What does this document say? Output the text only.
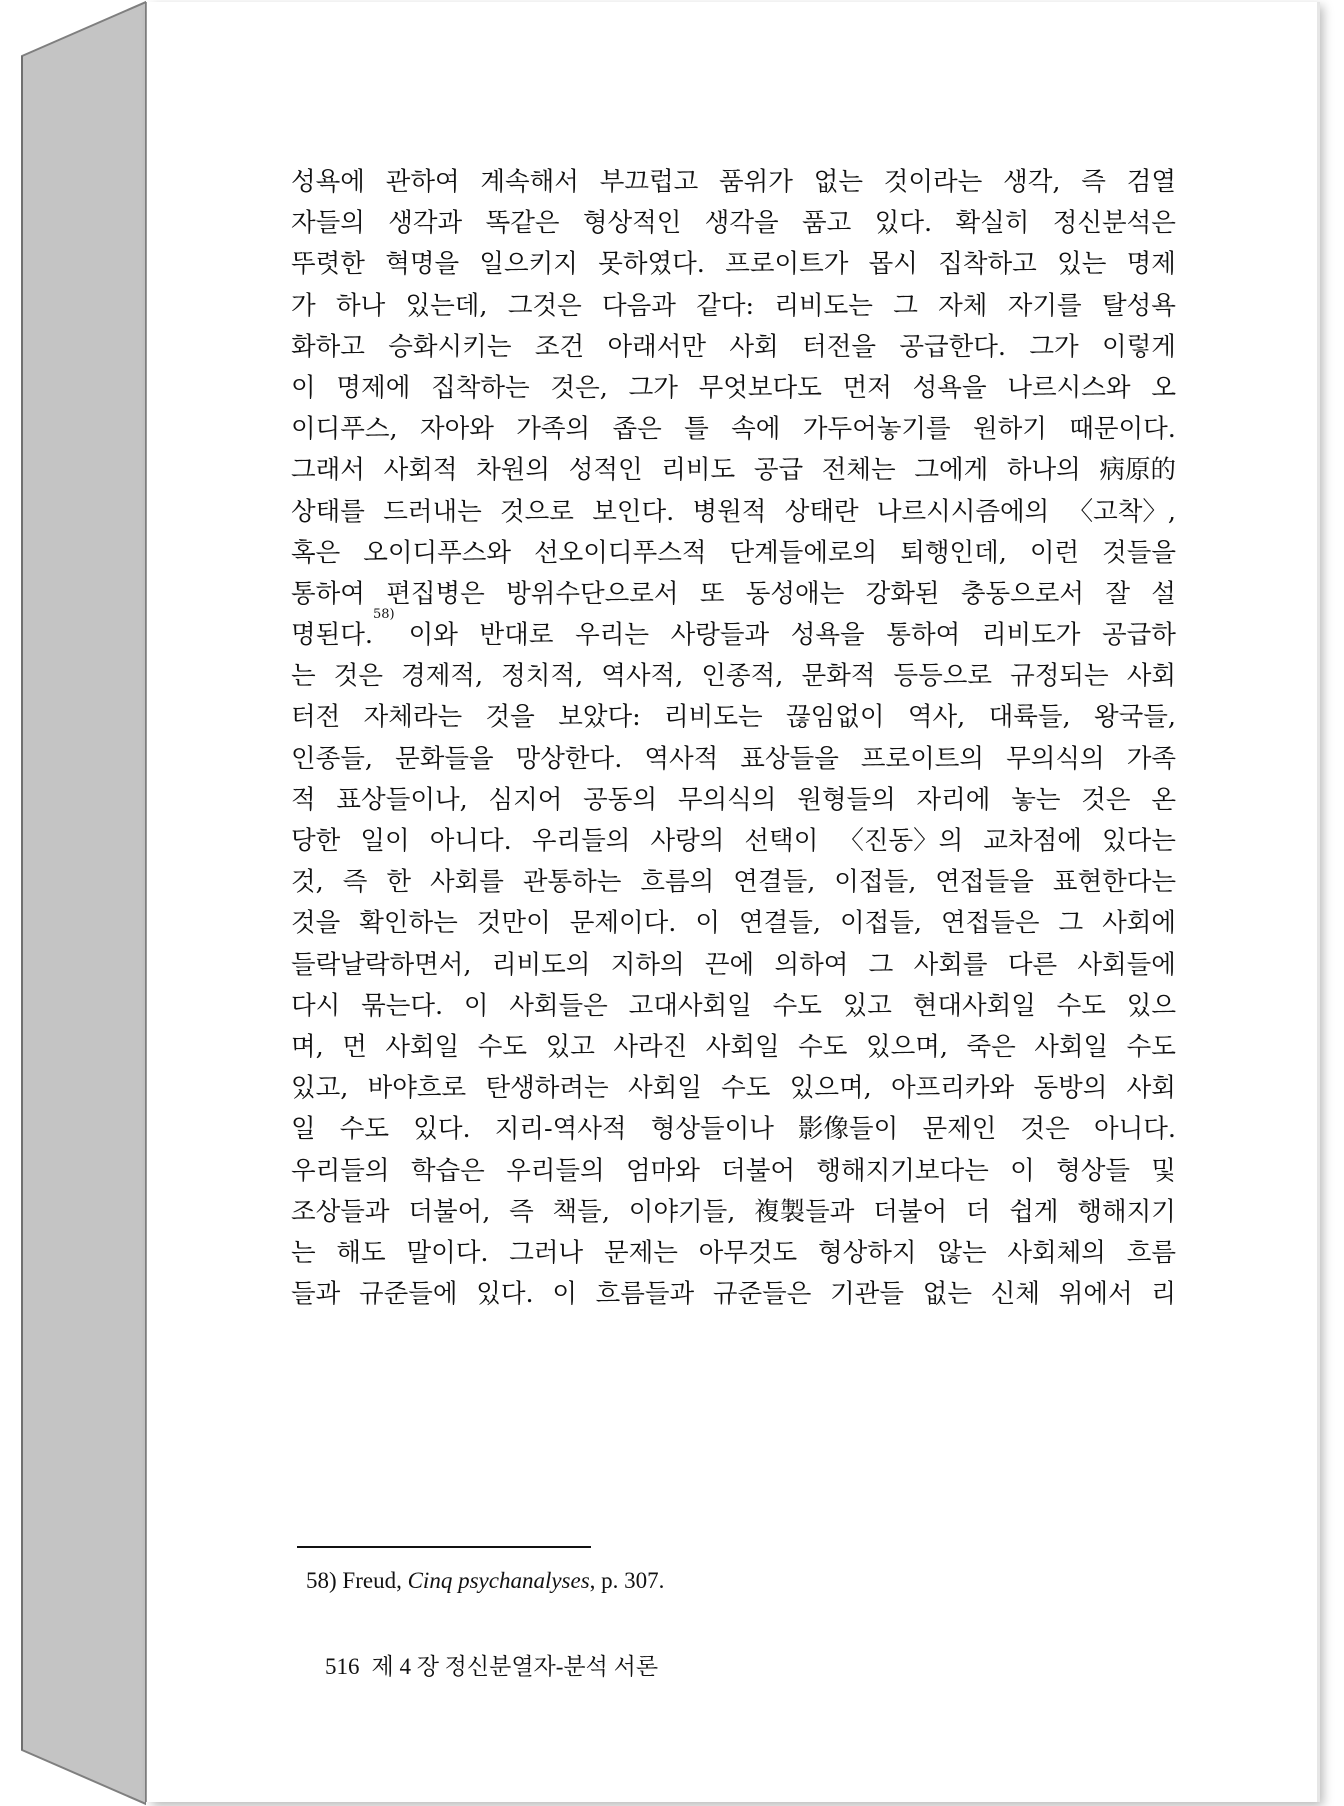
성욕에 관하여 계속해서 부끄럽고 품위가 없는 것이라는 생각, 즉 검열
자들의 생각과 똑같은 형상적인 생각을 품고 있다. 확실히 정신분석은
뚜렷한 혁명을 일으키지 못하였다. 프로이트가 몹시 집착하고 있는 명제
가 하나 있는데, 그것은 다음과 같다: 리비도는 그 자체 자기를 탈성욕
화하고 승화시키는 조건 아래서만 사회 터전을 공급한다. 그가 이렇게
이 명제에 집착하는 것은, 그가 무엇보다도 먼저 성욕을 나르시스와 오
이디푸스, 자아와 가족의 좁은 틀 속에 가두어놓기를 원하기 때문이다.
그래서 사회적 차원의 성적인 리비도 공급 전체는 그에게 하나의 病原的
상태를 드러내는 것으로 보인다. 병원적 상태란 나르시시즘에의 〈고착〉,
혹은 오이디푸스와 선오이디푸스적 단계들에로의 퇴행인데, 이런 것들을
통하여 편집병은 방위수단으로서 또 동성애는 강화된 충동으로서 잘 설
명된다.
58)
이와 반대로 우리는 사랑들과 성욕을 통하여 리비도가 공급하
는 것은 경제적, 정치적, 역사적, 인종적, 문화적 등등으로 규정되는 사회
터전 자체라는 것을 보았다: 리비도는 끊임없이 역사, 대륙들, 왕국들,
인종들, 문화들을 망상한다. 역사적 표상들을 프로이트의 무의식의 가족
적 표상들이나, 심지어 공동의 무의식의 원형들의 자리에 놓는 것은 온
당한 일이 아니다. 우리들의 사랑의 선택이 〈진동〉의 교차점에 있다는
것, 즉 한 사회를 관통하는 흐름의 연결들, 이접들, 연접들을 표현한다는
것을 확인하는 것만이 문제이다. 이 연결들, 이접들, 연접들은 그 사회에
들락날락하면서, 리비도의 지하의 끈에 의하여 그 사회를 다른 사회들에
다시 묶는다. 이 사회들은 고대사회일 수도 있고 현대사회일 수도 있으
며, 먼 사회일 수도 있고 사라진 사회일 수도 있으며, 죽은 사회일 수도
있고, 바야흐로 탄생하려는 사회일 수도 있으며, 아프리카와 동방의 사회
일 수도 있다. 지리-역사적 형상들이나 影像들이 문제인 것은 아니다.
우리들의 학습은 우리들의 엄마와 더불어 행해지기보다는 이 형상들 및
조상들과 더불어, 즉 책들, 이야기들, 複製들과 더불어 더 쉽게 행해지기
는 해도 말이다. 그러나 문제는 아무것도 형상하지 않는 사회체의 흐름
들과 규준들에 있다. 이 흐름들과 규준들은 기관들 없는 신체 위에서 리
58) Freud, Cinq psychanalyses, p. 307.
516 제 4 장 정신분열자-분석 서론
